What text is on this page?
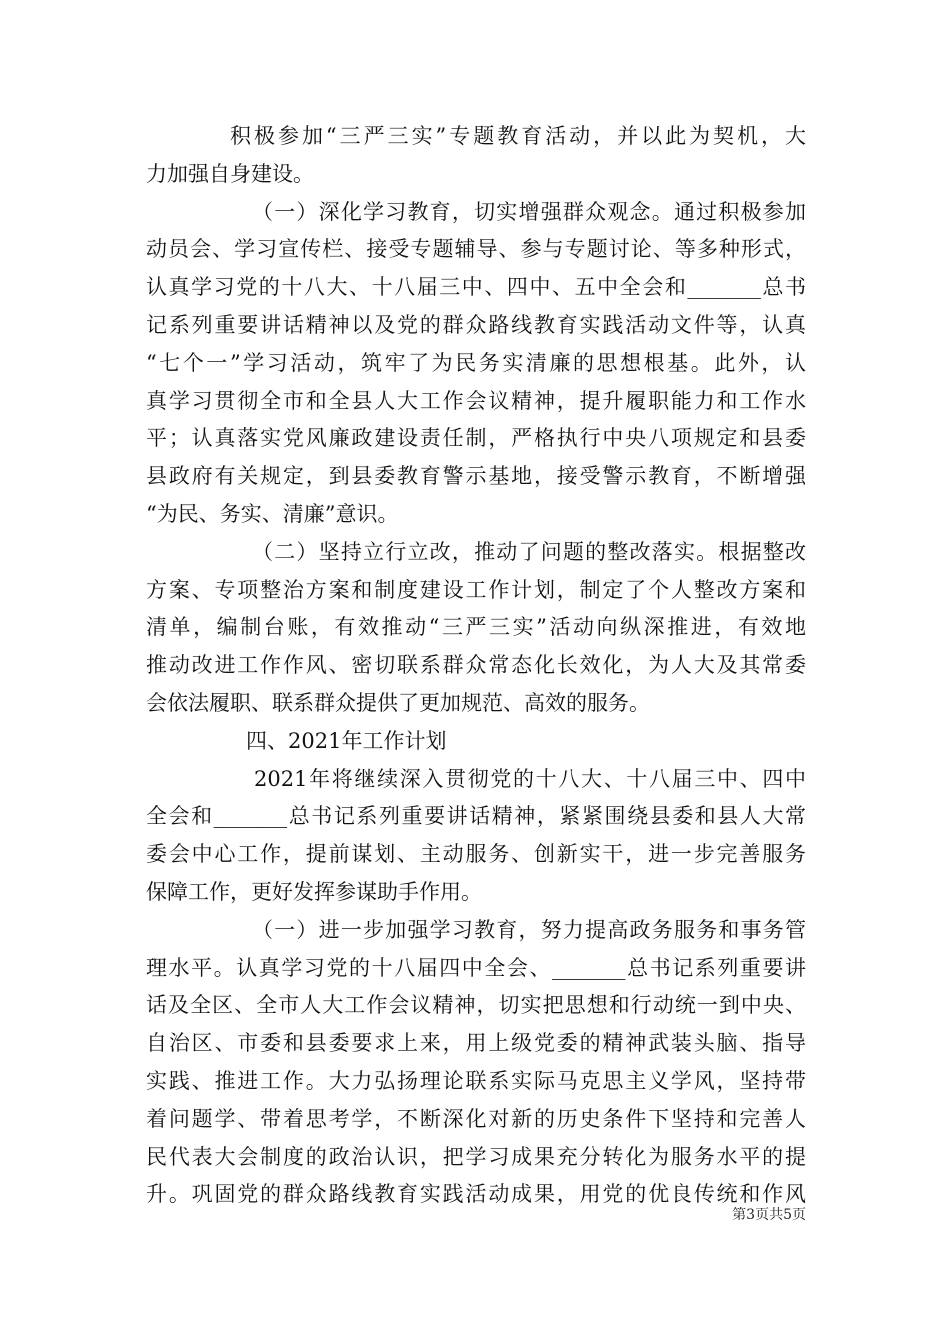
积极参加“三严三实”专题教育活动，并以此为契机，大
力加强自身建设。
（一）深化学习教育，切实增强群众观念。通过积极参加
动员会、学习宣传栏、接受专题辅导、参与专题讨论、等多种形式，
认真学习党的十八大、十八届三中、四中、五中全会和_______总书
记系列重要讲话精神以及党的群众路线教育实践活动文件等，认真
“七个一”学习活动，筑牢了为民务实清廉的思想根基。此外，认
真学习贯彻全市和全县人大工作会议精神，提升履职能力和工作水
平；认真落实党风廉政建设责任制，严格执行中央八项规定和县委
县政府有关规定，到县委教育警示基地，接受警示教育，不断增强
“为民、务实、清廉”意识。
（二）坚持立行立改，推动了问题的整改落实。根据整改
方案、专项整治方案和制度建设工作计划，制定了个人整改方案和
清单，编制台账，有效推动“三严三实”活动向纵深推进，有效地
推动改进工作作风、密切联系群众常态化长效化，为人大及其常委
会依法履职、联系群众提供了更加规范、高效的服务。
四、2021年工作计划
2021年将继续深入贯彻党的十八大、十八届三中、四中
全会和_______总书记系列重要讲话精神，紧紧围绕县委和县人大常
委会中心工作，提前谋划、主动服务、创新实干，进一步完善服务
保障工作，更好发挥参谋助手作用。
（一）进一步加强学习教育，努力提高政务服务和事务管
理水平。认真学习党的十八届四中全会、_______总书记系列重要讲
话及全区、全市人大工作会议精神，切实把思想和行动统一到中央、
自治区、市委和县委要求上来，用上级党委的精神武装头脑、指导
实践、推进工作。大力弘扬理论联系实际马克思主义学风，坚持带
着问题学、带着思考学，不断深化对新的历史条件下坚持和完善人
民代表大会制度的政治认识，把学习成果充分转化为服务水平的提
升。巩固党的群众路线教育实践活动成果，用党的优良传统和作风
第3页共5页
